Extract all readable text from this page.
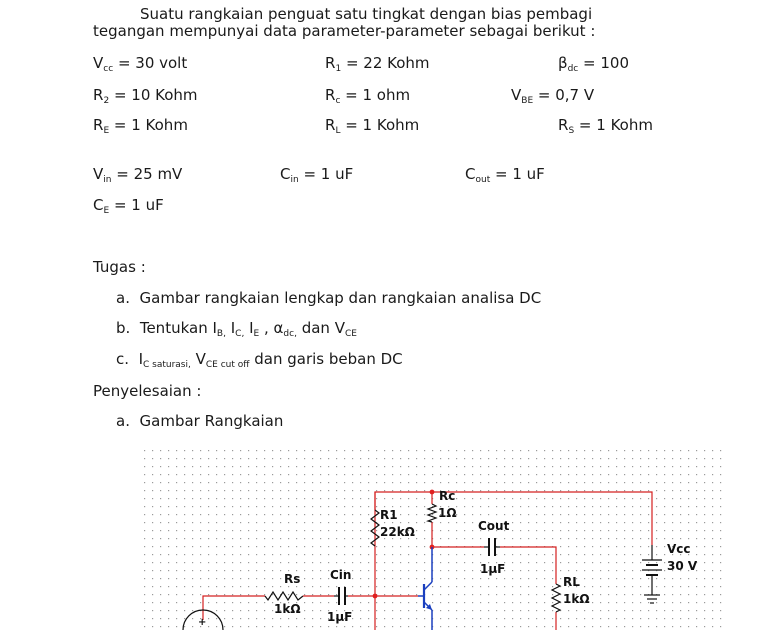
Suatu rangkaian penguat satu tingkat dengan bias pembagi
tegangan mempunyai data parameter-parameter sebagai berikut :
$V_{cc} = 30$ volt	$R_1 = 22$ Kohm	$\beta_{dc} = 100$
$R_2 = 10$ Kohm	$R_c = 1$ ohm	$V_{BE} = 0,7$ V
$R_E = 1$ Kohm	$R_L = 1$ Kohm	$R_S = 1$ Kohm
$V_{in} = 25$ mV	$C_{in} = 1$ uF	$C_{out} = 1$ uF
$C_E = 1$ uF
Tugas :
a. Gambar rangkaian lengkap dan rangkaian analisa DC
b. Tentukan $I_{B,}$ $I_{C,}$ $I_E$ , $\alpha_{dc,}$ dan $V_{CE}$
c. $I_{C saturasi,}$ $V_{CE cut off}$ dan garis beban DC
Penyelesaian :
a. Gambar Rangkaian
Rc
1Ω
R1
22kΩ	Cout
1µF
Vcc
30 V
Rs
1kΩ
Cin
1µF
RL
1kΩ
+
